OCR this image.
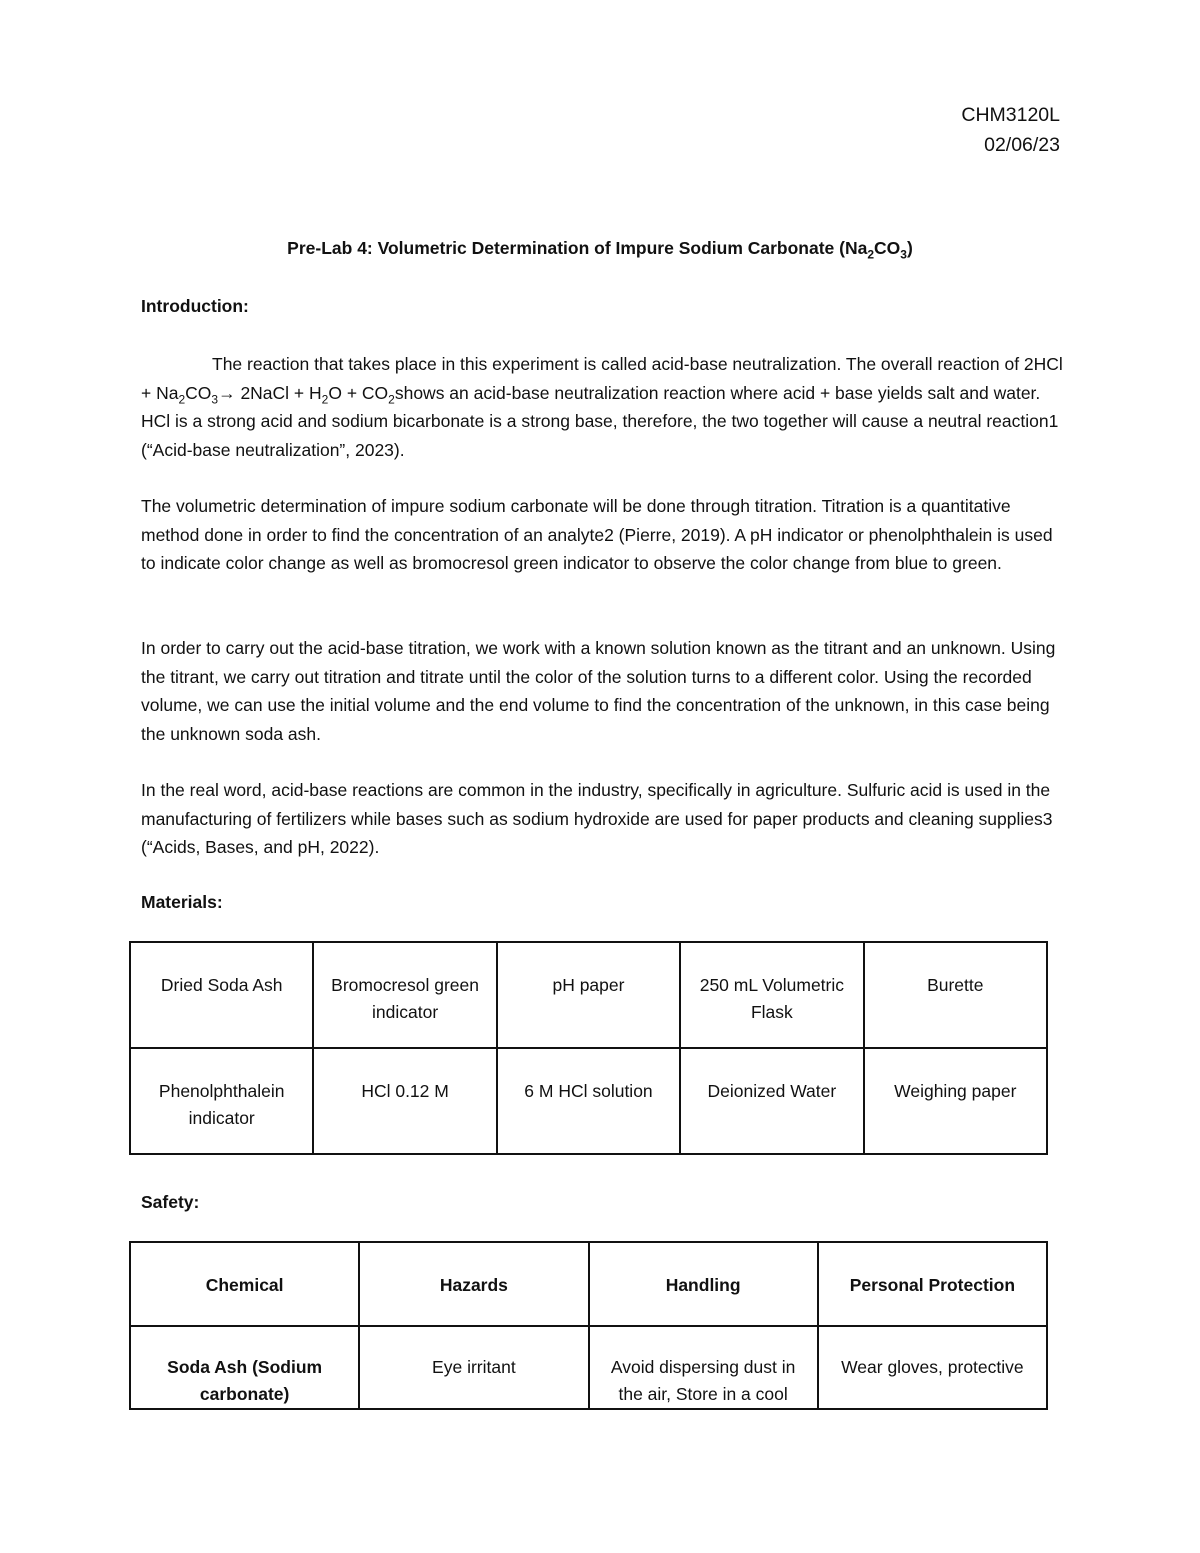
CHM3120L
02/06/23
Pre-Lab 4: Volumetric Determination of Impure Sodium Carbonate $(Na_2CO_3)$
Introduction:

The reaction that takes place in this experiment is called acid-base neutralization. The overall reaction of $2HCl + Na_2CO_3\to$ 2NaCl + $H_2O$ + $CO_2shows$ an acid-base neutralization reaction where acid + base yields salt and water. HCl is a strong acid and sodium bicarbonate is a strong base, therefore, the two together will cause a neutral reaction1 (“Acid-base neutralization”, 2023).

The volumetric determination of impure sodium carbonate will be done through titration. Titration is a quantitative method done in order to find the concentration of an analyte2 (Pierre, 2019). A pH indicator or phenolphthalein is used to indicate color change as well as bromocresol green indicator to observe the color change from blue to green.

In order to carry out the acid-base titration, we work with a known solution known as the titrant and an unknown. Using the titrant, we carry out titration and titrate until the color of the solution turns to a different color. Using the recorded volume, we can use the initial volume and the end volume to find the concentration of the unknown, in this case being the unknown soda ash.

In the real word, acid-base reactions are common in the industry, specifically in agriculture. Sulfuric acid is used in the manufacturing of fertilizers while bases such as sodium hydroxide are used for paper products and cleaning supplies3 (“Acids, Bases, and pH, 2022).

Materials:
Dried Soda Ash	Bromocresol green indicator	pH paper	250 mL Volumetric Flask	Burette
Phenolphthalein indicator	HCl 0.12 M	6 M HCl solution	Deionized Water	Weighing paper
Safety:
Chemical	Hazards	Handling	Personal Protection
Soda Ash (Sodium carbonate)	Eye irritant	Avoid dispersing dust in the air, Store in a cool	Wear gloves, protective
